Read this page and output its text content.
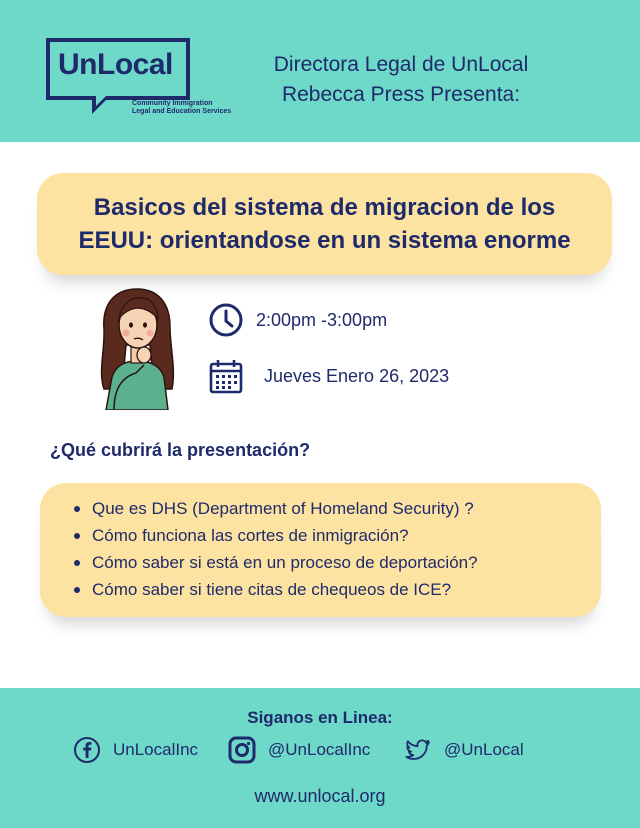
UnLocal
Community Immigration
Legal and Education Services
Directora Legal de UnLocal
Rebecca Press Presenta:
Basicos del sistema de migracion de los
EEUU: orientandose en un sistema enorme
2:00pm -3:00pm
Jueves Enero 26, 2023
¿Qué cubrirá la presentación?
Que es DHS (Department of Homeland Security) ?
Cómo funciona las cortes de inmigración?
Cómo saber si está en un proceso de deportación?
Cómo saber si tiene citas de chequeos de ICE?
Siganos en Linea:
UnLocalInc	@UnLocalInc	@UnLocal
www.unlocal.org
